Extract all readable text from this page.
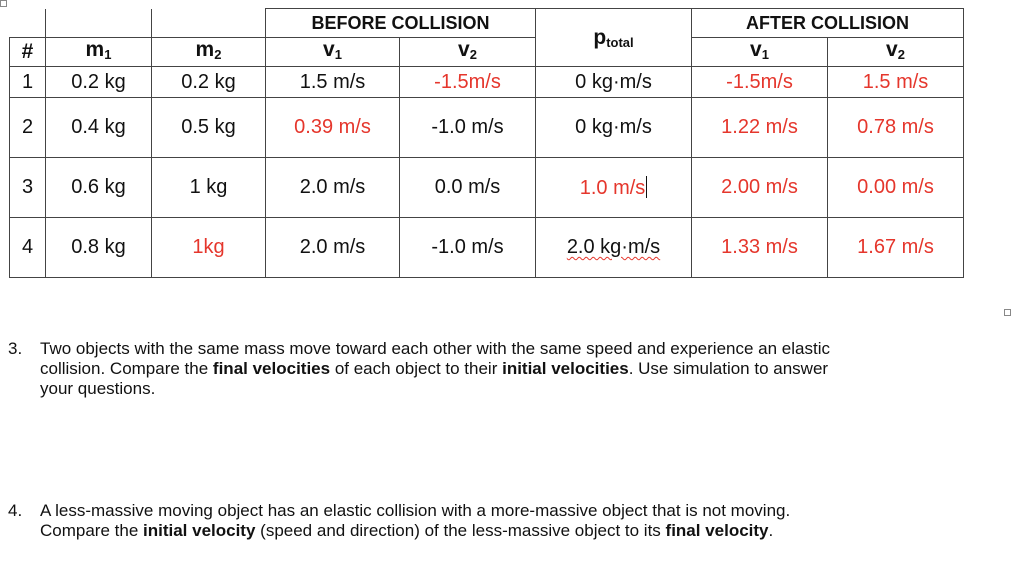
			BEFORE COLLISION		$p_{total}$	AFTER COLLISION	
#	$m_1$	$m_2$	$v_1$	$v_2$		$v_1$	$v_2$
1	0.2 kg	0.2 kg	1.5 m/s	-1.5m/s	0 kg·m/s	-1.5m/s	1.5 m/s
2	0.4 kg	0.5 kg	0.39 m/s	-1.0 m/s	0 kg·m/s	1.22 m/s	0.78 m/s
3	0.6 kg	1 kg	2.0 m/s	0.0 m/s	1.0 m/s	2.00 m/s	0.00 m/s
4	0.8 kg	1kg	2.0 m/s	-1.0 m/s	2.0 kg·m/s	1.33 m/s	1.67 m/s
3. Two objects with the same mass move toward each other with the same speed and experience an elastic
collision. Compare the final velocities of each object to their initial velocities. Use simulation to answer
your questions.
4. A less-massive moving object has an elastic collision with a more-massive object that is not moving.
Compare the initial velocity (speed and direction) of the less-massive object to its final velocity.
